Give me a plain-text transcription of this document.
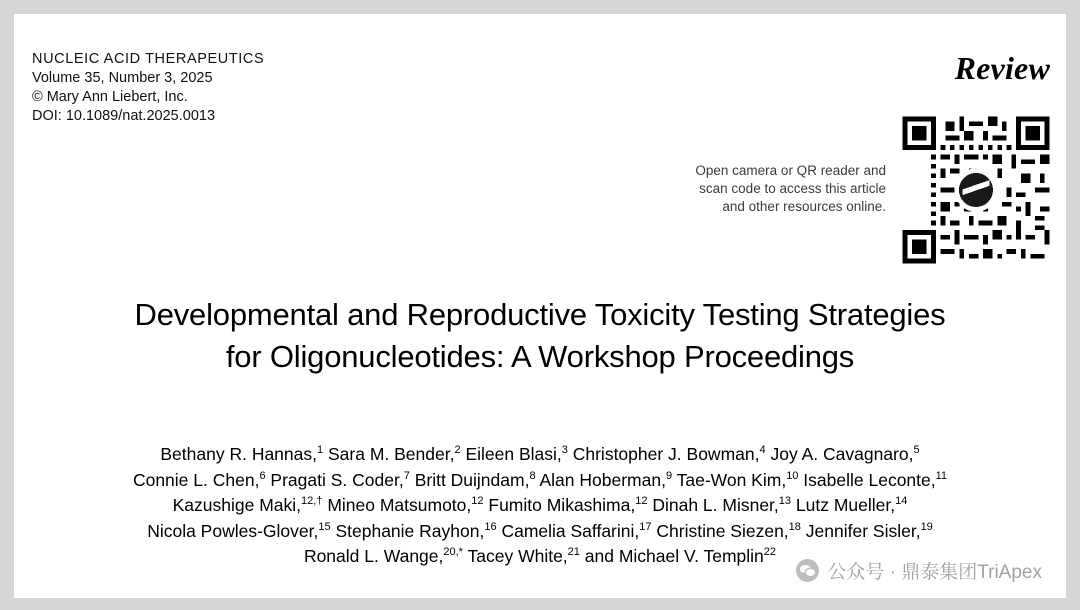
NUCLEIC ACID THERAPEUTICS
Volume 35, Number 3, 2025
© Mary Ann Liebert, Inc.
DOI: 10.1089/nat.2025.0013
Review
Open camera or QR reader and
scan code to access this article
and other resources online.
Developmental and Reproductive Toxicity Testing Strategies
for Oligonucleotides: A Workshop Proceedings
Bethany R. Hannas,$^1$ Sara M. Bender,$^2$ Eileen Blasi,$^3$ Christopher J. Bowman,$^4$ Joy A. Cavagnaro,$^5$
Connie L. Chen,$^6$ Pragati S. Coder,$^7$ Britt Duijndam,$^8$ Alan Hoberman,$^9$ Tae-Won Kim,$^{10}$ Isabelle Leconte,$^{11}$
Kazushige Maki,$^{12,\dagger}$ Mineo Matsumoto,$^{12}$ Fumito Mikashima,$^{12}$ Dinah L. Misner,$^{13}$ Lutz Mueller,$^{14}$
Nicola Powles-Glover,$^{15}$ Stephanie Rayhon,$^{16}$ Camelia Saffarini,$^{17}$ Christine Siezen,$^{18}$ Jennifer Sisler,$^{19}$
Ronald L. Wange,$^{20,*}$ Tacey White,$^{21}$ and Michael V. Templin$^{22}$
公众号 · 鼎泰集团TriApex
